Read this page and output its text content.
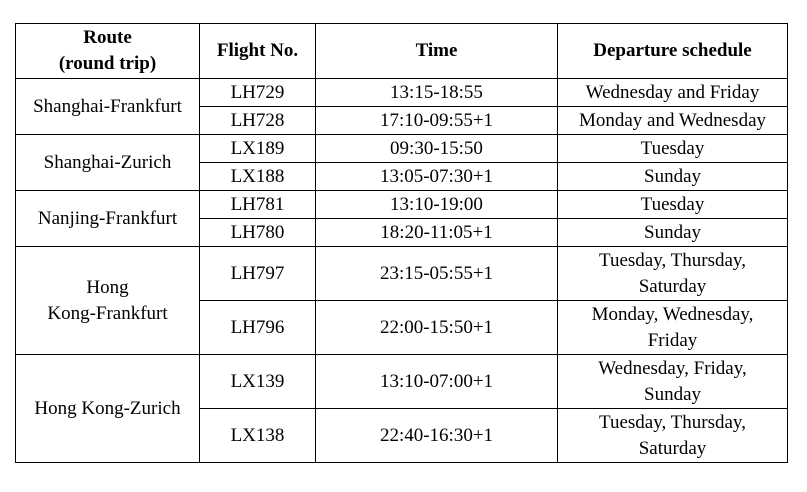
Route
(round trip)	Flight No.	Time	Departure schedule
Shanghai-Frankfurt	LH729	13:15-18:55	Wednesday and Friday
	LH728	17:10-09:55+1	Monday and Wednesday
Shanghai-Zurich	LX189	09:30-15:50	Tuesday
	LX188	13:05-07:30+1	Sunday
Nanjing-Frankfurt	LH781	13:10-19:00	Tuesday
	LH780	18:20-11:05+1	Sunday
Hong
Kong-Frankfurt	LH797	23:15-05:55+1	Tuesday, Thursday,
Saturday
	LH796	22:00-15:50+1	Monday, Wednesday,
Friday
Hong Kong-Zurich	LX139	13:10-07:00+1	Wednesday, Friday,
Sunday
	LX138	22:40-16:30+1	Tuesday, Thursday,
Saturday
